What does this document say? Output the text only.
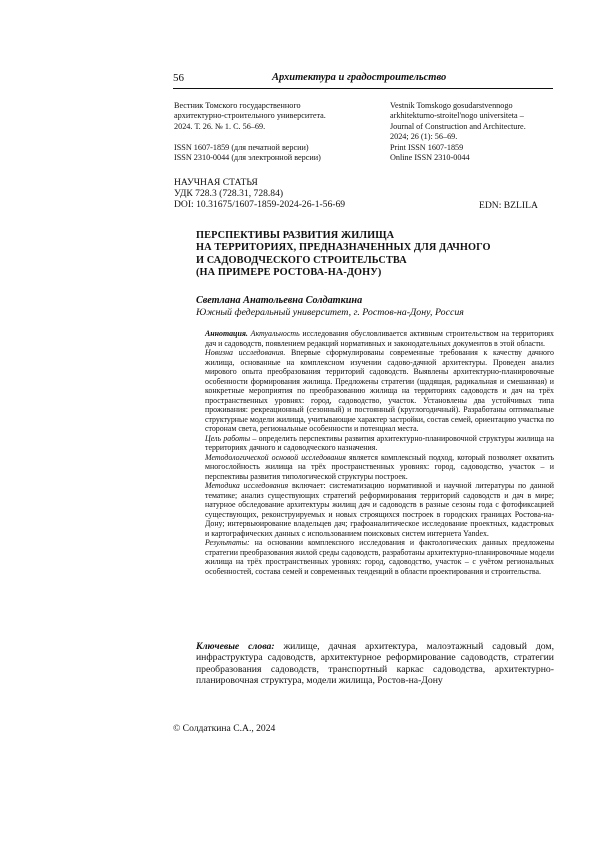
56	Архитектура и градостроительство
Вестник Томского государственного
архитектурно-строительного университета.
2024. Т. 26. № 1. С. 56–69.
ISSN 1607-1859 (для печатной версии)
ISSN 2310-0044 (для электронной версии)
Vestnik Tomskogo gosudarstvennogo
arkhitekturno-stroitel'nogo universiteta –
Journal of Construction and Architecture.
2024; 26 (1): 56–69.
Print ISSN 1607-1859
Online ISSN 2310-0044
НАУЧНАЯ СТАТЬЯ
УДК 728.3 (728.31, 728.84)
DOI: 10.31675/1607-1859-2024-26-1-56-69	EDN: BZLILA
ПЕРСПЕКТИВЫ РАЗВИТИЯ ЖИЛИЩА
НА ТЕРРИТОРИЯХ, ПРЕДНАЗНАЧЕННЫХ ДЛЯ ДАЧНОГО
И САДОВОДЧЕСКОГО СТРОИТЕЛЬСТВА
(НА ПРИМЕРЕ РОСТОВА-НА-ДОНУ)
Светлана Анатольевна Солдаткина
Южный федеральный университет, г. Ростов-на-Дону, Россия

Аннотация. Актуальность исследования обусловливается активным строительством на территориях дач и садоводств, появлением редакций нормативных и законодательных документов в этой области.

Новизна исследования. Впервые сформулированы современные требования к качеству дачного жилища, основанные на комплексном изучении садово-дачной архитектуры. Проведен анализ мирового опыта преобразования территорий садоводств. Выявлены архитектурно-планировочные особенности формирования жилища. Предложены стратегии (щадящая, радикальная и смешанная) и конкретные мероприятия по преобразованию жилища на территориях садоводств и дач на трёх пространственных уровнях: город, садоводство, участок. Установлены два устойчивых типа проживания: рекреационный (сезонный) и постоянный (круглогодичный). Разработаны оптимальные структурные модели жилища, учитывающие характер застройки, состав семей, ориентацию участка по сторонам света, региональные особенности и потенциал места.

Цель работы – определить перспективы развития архитектурно-планировочной структуры жилища на территориях дачного и садоводческого назначения.

Методологической основой исследования является комплексный подход, который позволяет охватить многослойность жилища на трёх пространственных уровнях: город, садоводство, участок – и перспективы развития типологической структуры построек.

Методика исследования включает: систематизацию нормативной и научной литературы по данной тематике; анализ существующих стратегий реформирования территорий садоводств и дач в мире; натурное обследование архитектуры жилищ дач и садоводств в разные сезоны года с фотофиксацией существующих, реконструируемых и новых строящихся построек в городских границах Ростова-на-Дону; интервьюирование владельцев дач; графоаналитическое исследование проектных, кадастровых и картографических данных с использованием поисковых систем интернета Yandex.

Результаты: на основании комплексного исследования и фактологических данных предложены стратегии преобразования жилой среды садоводств, разработаны архитектурно-планировочные модели жилища на трёх пространственных уровнях: город, садоводство, участок – с учётом региональных особенностей, состава семей и современных тенденций в области проектирования и строительства.

Ключевые слова: жилище, дачная архитектура, малоэтажный садовый дом, инфраструктура садоводств, архитектурное реформирование садоводств, стратегии преобразования садоводств, транспортный каркас садоводства, архитектурно-планировочная структура, модели жилища, Ростов-на-Дону
© Солдаткина С.А., 2024
